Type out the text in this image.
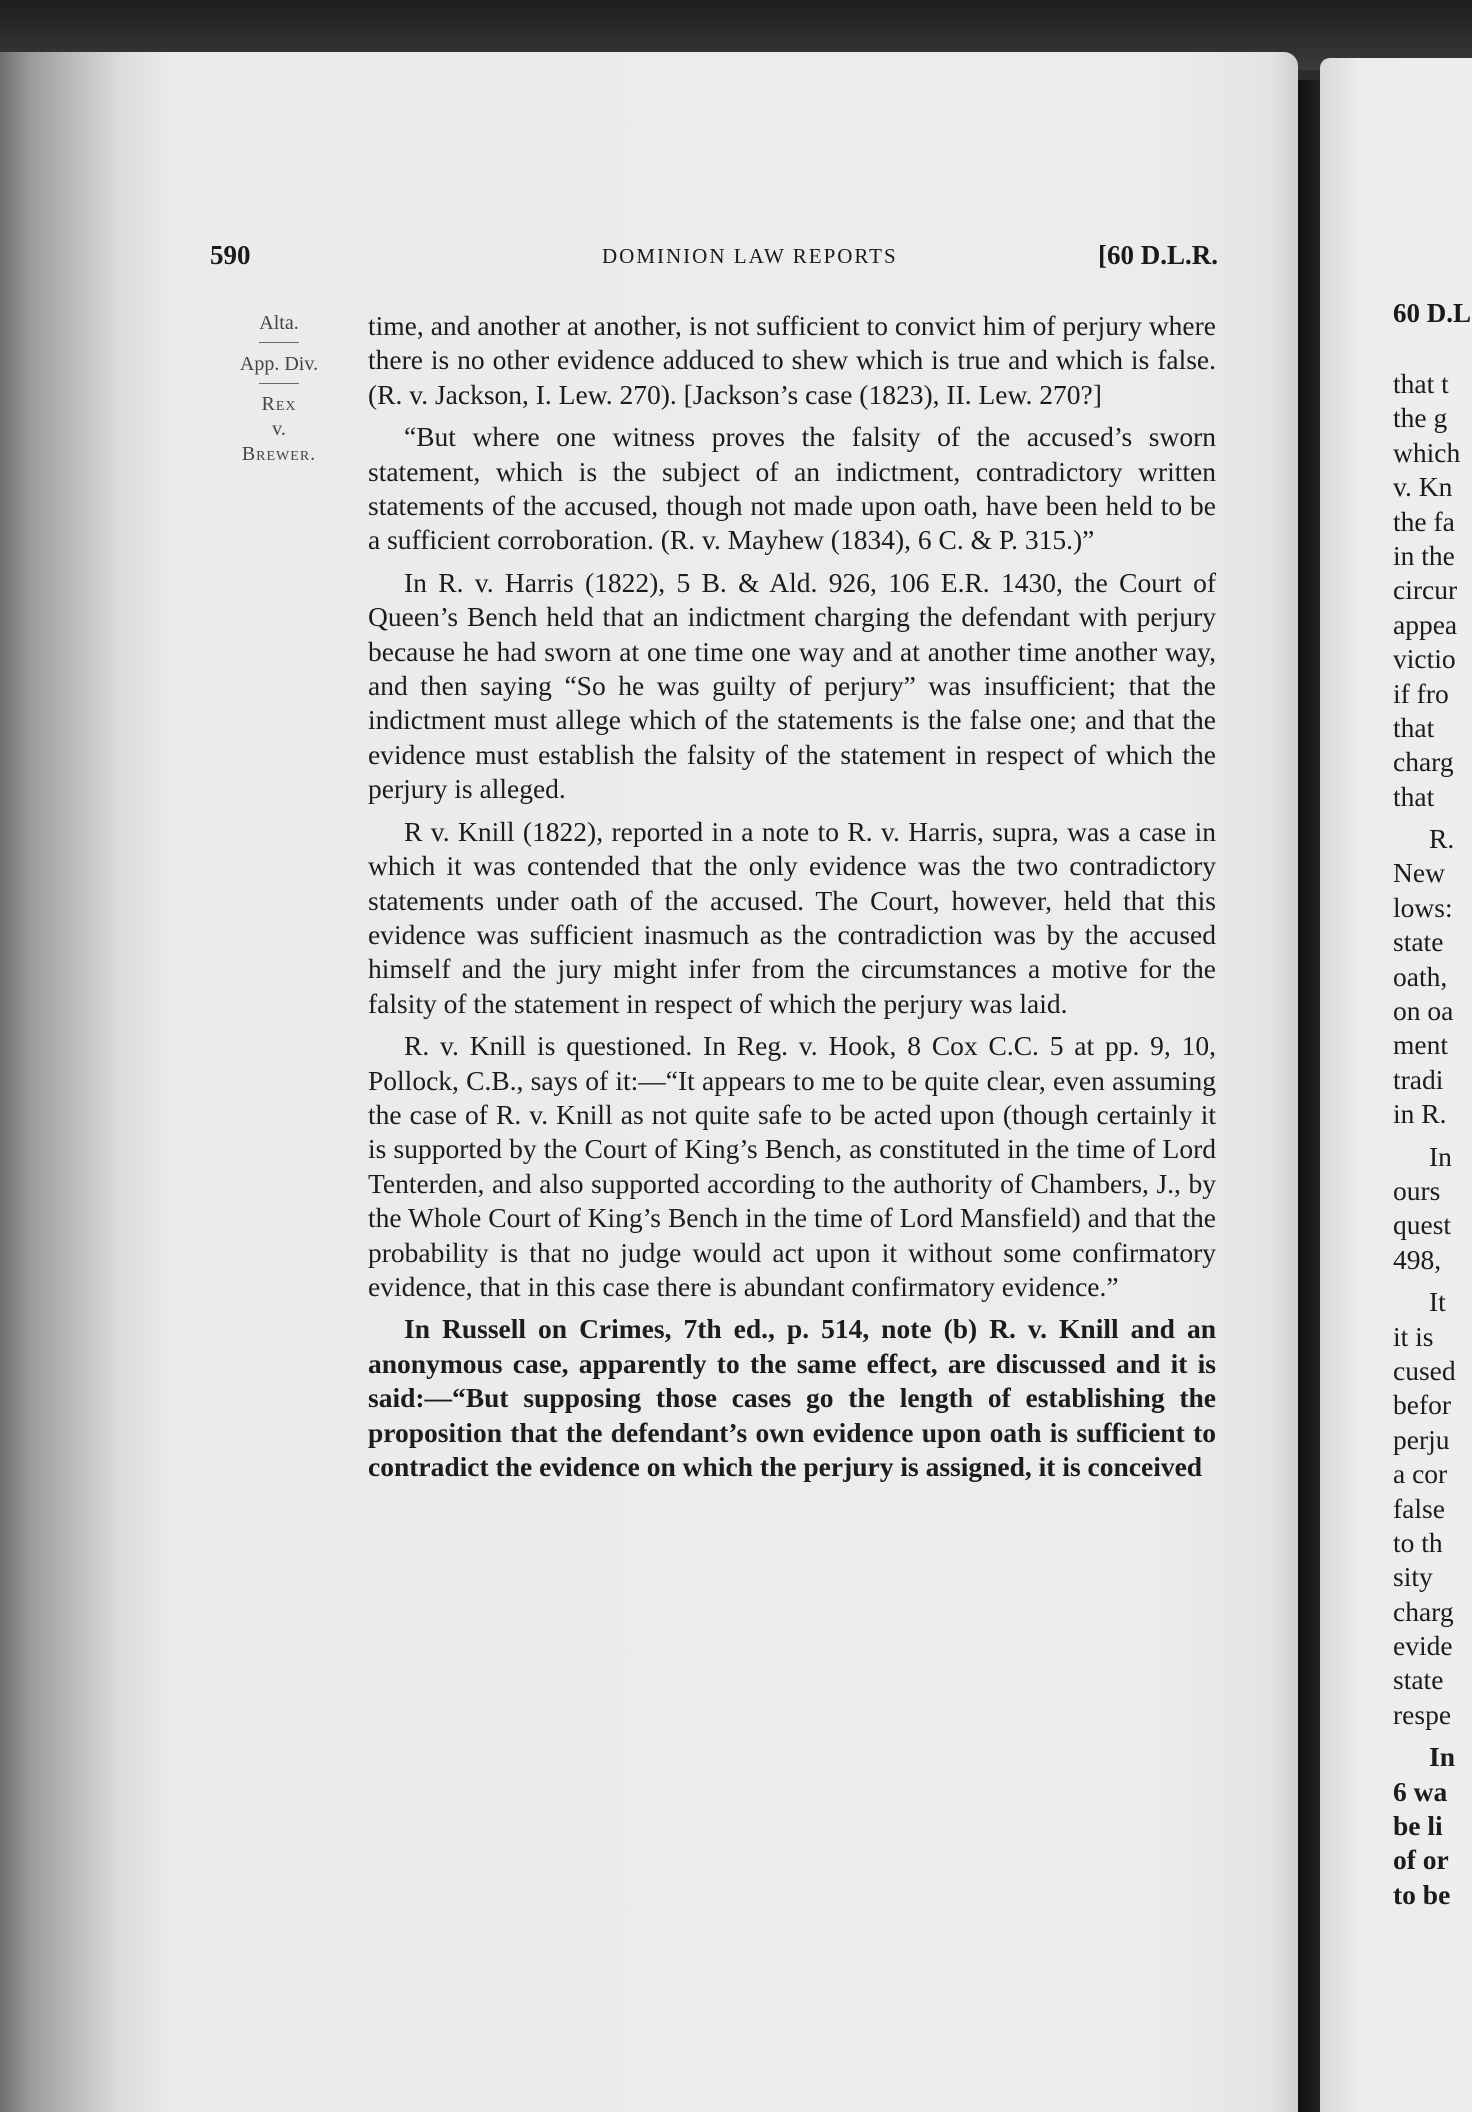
590	DOMINION LAW REPORTS	[60 D.L.R.
Alta.
App. Div.
Rex
v.
Brewer.

time, and another at another, is not sufficient to convict him of perjury where there is no other evidence adduced to shew which is true and which is false. (R. v. Jackson, I. Lew. 270). [Jackson’s case (1823), II. Lew. 270?]

“But where one witness proves the falsity of the accused’s sworn statement, which is the subject of an indictment, contradictory written statements of the accused, though not made upon oath, have been held to be a sufficient corroboration. (R. v. Mayhew (1834), 6 C. & P. 315.)”

In R. v. Harris (1822), 5 B. & Ald. 926, 106 E.R. 1430, the Court of Queen’s Bench held that an indictment charging the defendant with perjury because he had sworn at one time one way and at another time another way, and then saying “So he was guilty of perjury” was insufficient; that the indictment must allege which of the statements is the false one; and that the evidence must establish the falsity of the statement in respect of which the perjury is alleged.

R v. Knill (1822), reported in a note to R. v. Harris, supra, was a case in which it was contended that the only evidence was the two contradictory statements under oath of the accused. The Court, however, held that this evidence was sufficient inasmuch as the contradiction was by the accused himself and the jury might infer from the circumstances a motive for the falsity of the statement in respect of which the perjury was laid.

R. v. Knill is questioned. In Reg. v. Hook, 8 Cox C.C. 5 at pp. 9, 10, Pollock, C.B., says of it:—“It appears to me to be quite clear, even assuming the case of R. v. Knill as not quite safe to be acted upon (though certainly it is supported by the Court of King’s Bench, as constituted in the time of Lord Tenterden, and also supported according to the authority of Chambers, J., by the Whole Court of King’s Bench in the time of Lord Mansfield) and that the probability is that no judge would act upon it without some confirmatory evidence, that in this case there is abundant confirmatory evidence.”

In Russell on Crimes, 7th ed., p. 514, note (b) R. v. Knill and an anonymous case, apparently to the same effect, are discussed and it is said:—“But supposing those cases go the length of establishing the proposition that the defendant’s own evidence upon oath is sufficient to contradict the evidence on which the perjury is assigned, it is conceived

60 D.L
that t
the g
which
v. Kn
the fa
in the
circur
appea
victio
if fro
that
charg
that
R.
New
lows:
state
oath,
on oa
ment
tradi
in R.
In
ours
quest
498,
It
it is
cused
befor
perju
a cor
false
to th
sity
charg
evide
state
respe
In
6 wa
be li
of or
to be
